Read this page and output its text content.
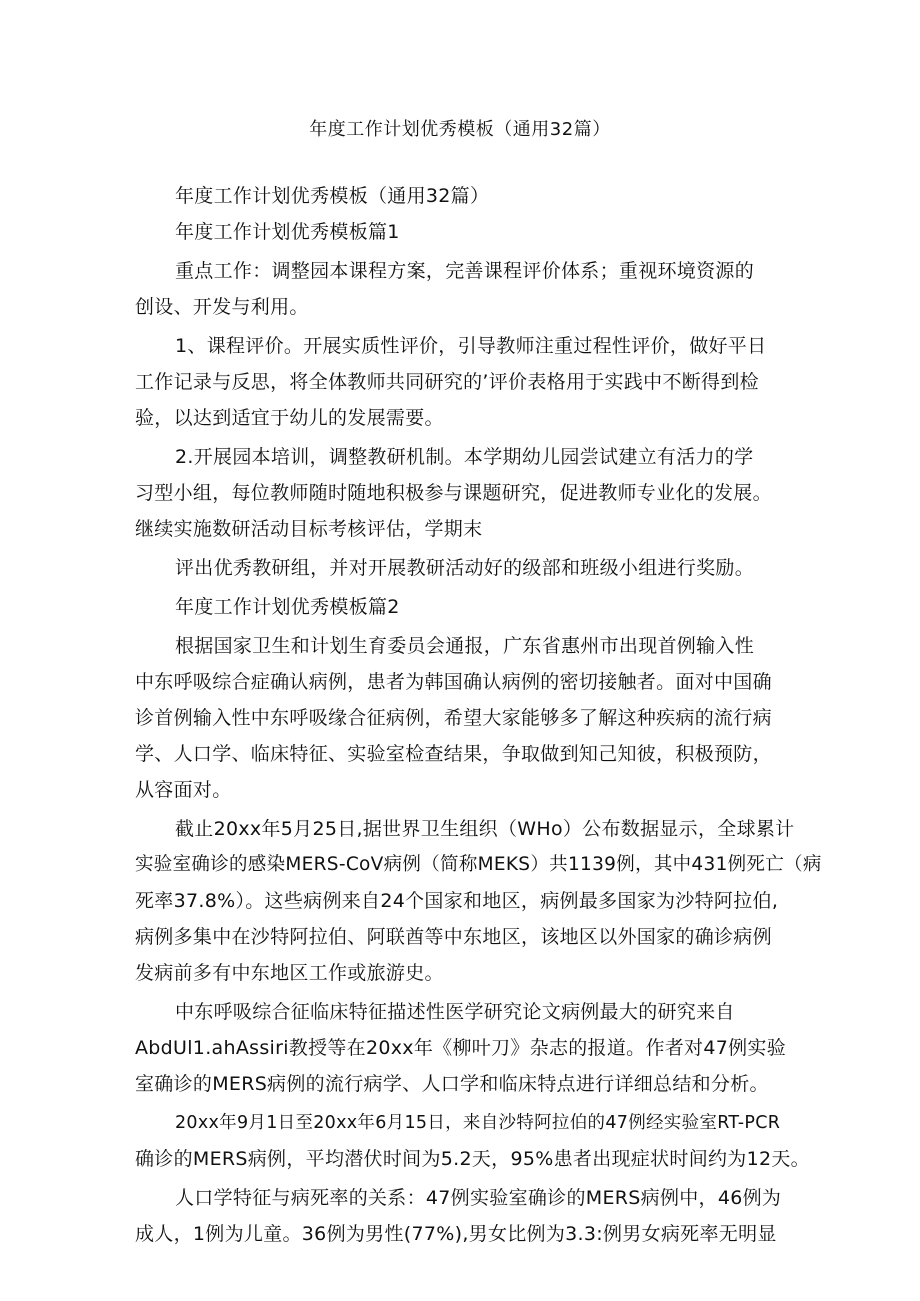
年度工作计划优秀模板（通用32篇）

年度工作计划优秀模板（通用32篇）

年度工作计划优秀模板篇1

重点工作：调整园本课程方案，完善课程评价体系；重视环境资源的

创设、开发与利用。

1、课程评价。开展实质性评价，引导教师注重过程性评价，做好平日

工作记录与反思，将全体教师共同研究的’评价表格用于实践中不断得到检

验，以达到适宜于幼儿的发展需要。

2.开展园本培训，调整教研机制。本学期幼儿园尝试建立有活力的学

习型小组，每位教师随时随地积极参与课题研究，促进教师专业化的发展。

继续实施数研活动目标考核评估，学期末

评出优秀教研组，并对开展教研活动好的级部和班级小组进行奖励。

年度工作计划优秀模板篇2

根据国家卫生和计划生育委员会通报，广东省惠州市出现首例输入性

中东呼吸综合症确认病例，患者为韩国确认病例的密切接触者。面对中国确

诊首例输入性中东呼吸缘合征病例，希望大家能够多了解这种疾病的流行病

学、人口学、临床特征、实验室检查结果，争取做到知己知彼，积极预防，

从容面对。

截止20xx年5月25日,据世界卫生组织（WHo）公布数据显示，全球累计

实验室确诊的感染MERS-CoV病例（简称MEKS）共1139例，其中431例死亡（病

死率37.8%）。这些病例来自24个国家和地区，病例最多国家为沙特阿拉伯,

病例多集中在沙特阿拉伯、阿联酋等中东地区，该地区以外国家的确诊病例

发病前多有中东地区工作或旅游史。

中东呼吸综合征临床特征描述性医学研究论文病例最大的研究来自

AbdUl1.ahAssiri教授等在20xx年《柳叶刀》杂志的报道。作者对47例实验

室确诊的MERS病例的流行病学、人口学和临床特点进行详细总结和分析。

20xx年9月1日至20xx年6月15日，来自沙特阿拉伯的47例经实验室RT-PCR

确诊的MERS病例，平均潜伏时间为5.2天，95%患者出现症状时间约为12天。

人口学特征与病死率的关系：47例实验室确诊的MERS病例中，46例为

成人，1例为儿童。36例为男性(77%),男女比例为3.3:例男女病死率无明显
